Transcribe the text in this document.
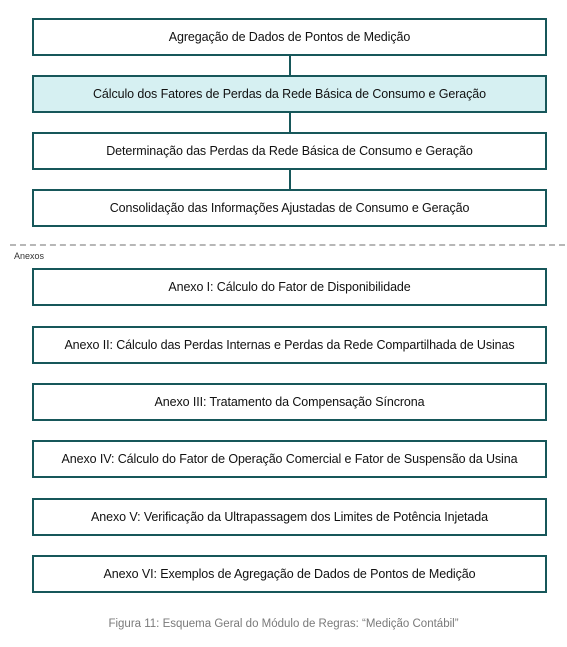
Agregação de Dados de Pontos de Medição
Cálculo dos Fatores de Perdas da Rede Básica de Consumo e Geração
Determinação das Perdas da Rede Básica de Consumo e Geração
Consolidação das Informações Ajustadas de Consumo e Geração
Anexos
Anexo I: Cálculo do Fator de Disponibilidade
Anexo II: Cálculo das Perdas Internas e Perdas da Rede Compartilhada de Usinas
Anexo III: Tratamento da Compensação Síncrona
Anexo IV: Cálculo do Fator de Operação Comercial e Fator de Suspensão da Usina
Anexo V: Verificação da Ultrapassagem dos Limites de Potência Injetada
Anexo VI: Exemplos de Agregação de Dados de Pontos de Medição
Figura 11: Esquema Geral do Módulo de Regras: “Medição Contábil”
